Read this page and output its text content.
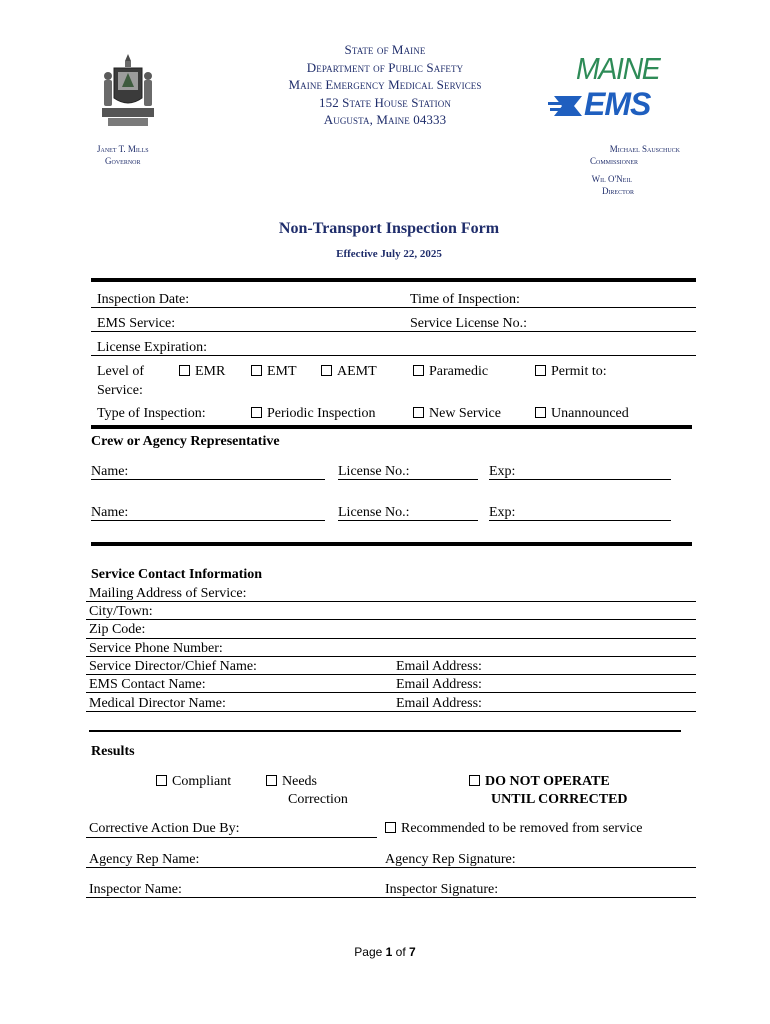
State of Maine
Department of Public Safety
Maine Emergency Medical Services
152 State House Station
Augusta, Maine 04333
MAINE
EMS
Janet T. Mills
Governor
Michael Sauschuck
Commissioner
Wil O'Neil
Director
Non-Transport Inspection Form
Effective July 22, 2025
Inspection Date:	Time of Inspection:
EMS Service:	Service License No.:
License Expiration:
Level of
Service:
EMR	EMT	AEMT	Paramedic	Permit to:
Type of Inspection:	Periodic Inspection	New Service	Unannounced
Crew or Agency Representative
Name:	License No.:	Exp:
Name:	License No.:	Exp:
Service Contact Information
Mailing Address of Service:
City/Town:
Zip Code:
Service Phone Number:
Service Director/Chief Name:	Email Address:
EMS Contact Name:	Email Address:
Medical Director Name:	Email Address:
Results
Compliant	Needs
Correction
DO NOT OPERATE
UNTIL CORRECTED
Corrective Action Due By:	Recommended to be removed from service
Agency Rep Name:	Agency Rep Signature:
Inspector Name:	Inspector Signature:
Page 1 of 7
